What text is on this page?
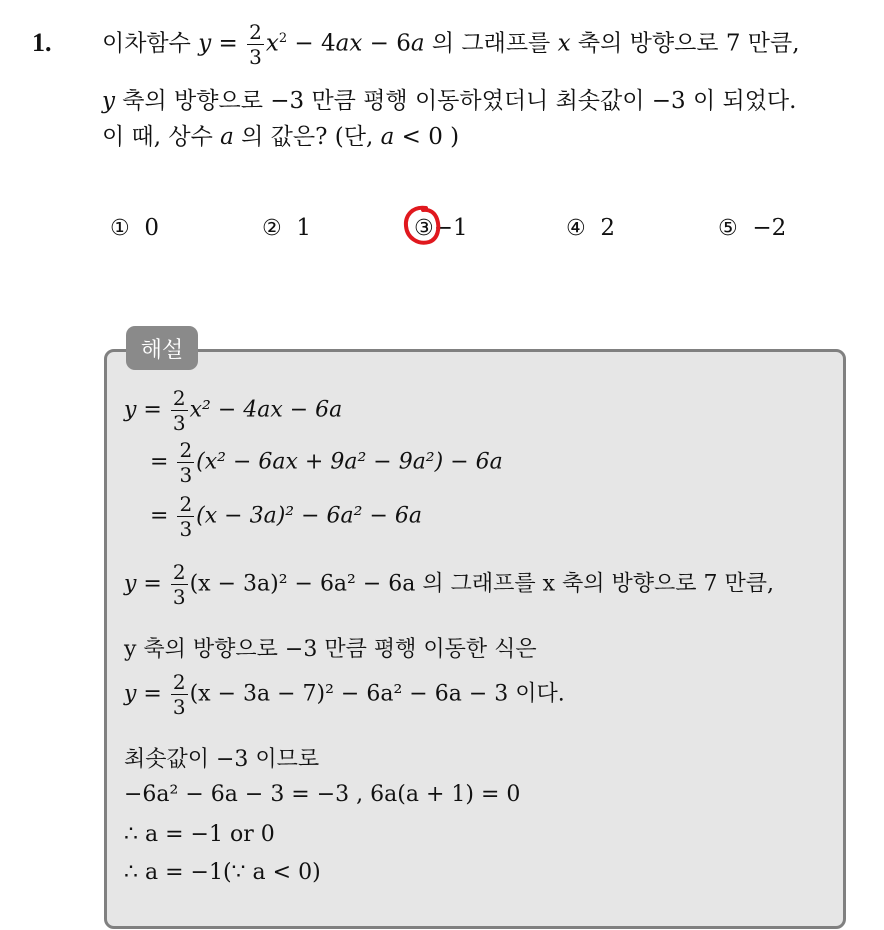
1. 이차함수 $y = \frac{2}{3} x^2 - 4ax - 6a$ 의 그래프를 x 축의 방향으로 7 만큼,
y 축의 방향으로 −3 만큼 평행 이동하였더니 최솟값이 −3 이 되었다.
이 때, 상수 a 의 값은? (단, a < 0 )
① 0	② 1	③−1	④ 2	⑤ −2
해설
$y = \frac{2}{3} x^2 - 4ax - 6a$
= $\frac{2}{3} (x^2 - 6ax + 9a^2 - 9a^2) - 6a$
= $\frac{2}{3} (x - 3a)^2 - 6a^2 - 6a$
$y = \frac{2}{3} (x - 3a)^2 - 6a^2 - 6a$ 의 그래프를 x 축의 방향으로 7 만큼,
y 축의 방향으로 −3 만큼 평행 이동한 식은
$y = \frac{2}{3} (x - 3a - 7)^2 - 6a^2 - 6a - 3$ 이다.
최솟값이 −3 이므로
−6a² − 6a − 3 = −3 , 6a(a + 1) = 0
∴ a = −1 or 0
∴ a = −1(∵ a < 0)
